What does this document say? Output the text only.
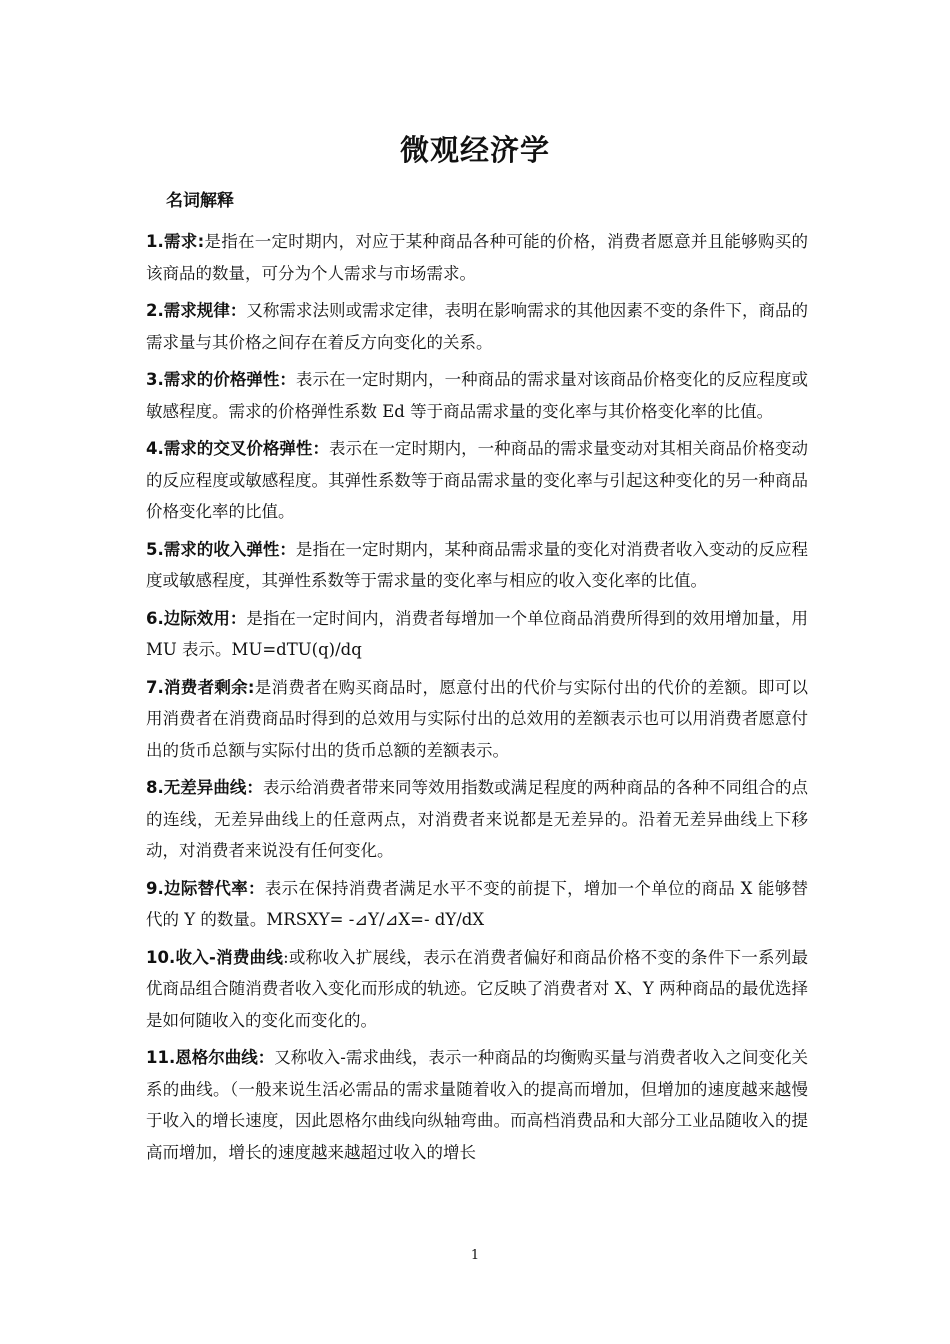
微观经济学
名词解释

1.需求:是指在一定时期内，对应于某种商品各种可能的价格，消费者愿意并且能够购买的该商品的数量，可分为个人需求与市场需求。

2.需求规律：又称需求法则或需求定律，表明在影响需求的其他因素不变的条件下，商品的需求量与其价格之间存在着反方向变化的关系。

3.需求的价格弹性：表示在一定时期内，一种商品的需求量对该商品价格变化的反应程度或敏感程度。需求的价格弹性系数 Ed 等于商品需求量的变化率与其价格变化率的比值。

4.需求的交叉价格弹性：表示在一定时期内，一种商品的需求量变动对其相关商品价格变动的反应程度或敏感程度。其弹性系数等于商品需求量的变化率与引起这种变化的另一种商品价格变化率的比值。

5.需求的收入弹性：是指在一定时期内，某种商品需求量的变化对消费者收入变动的反应程度或敏感程度，其弹性系数等于需求量的变化率与相应的收入变化率的比值。

6.边际效用：是指在一定时间内，消费者每增加一个单位商品消费所得到的效用增加量，用 MU 表示。MU=dTU(q)/dq

7.消费者剩余:是消费者在购买商品时，愿意付出的代价与实际付出的代价的差额。即可以用消费者在消费商品时得到的总效用与实际付出的总效用的差额表示也可以用消费者愿意付出的货币总额与实际付出的货币总额的差额表示。

8.无差异曲线：表示给消费者带来同等效用指数或满足程度的两种商品的各种不同组合的点的连线，无差异曲线上的任意两点，对消费者来说都是无差异的。沿着无差异曲线上下移动，对消费者来说没有任何变化。

9.边际替代率：表示在保持消费者满足水平不变的前提下，增加一个单位的商品 X 能够替代的 Y 的数量。MRSXY= -⊿Y/⊿X=- dY/dX

10.收入-消费曲线:或称收入扩展线，表示在消费者偏好和商品价格不变的条件下一系列最优商品组合随消费者收入变化而形成的轨迹。它反映了消费者对 X、Y 两种商品的最优选择是如何随收入的变化而变化的。

11.恩格尔曲线：又称收入-需求曲线，表示一种商品的均衡购买量与消费者收入之间变化关系的曲线。（一般来说生活必需品的需求量随着收入的提高而增加，但增加的速度越来越慢于收入的增长速度，因此恩格尔曲线向纵轴弯曲。而高档消费品和大部分工业品随收入的提高而增加，增长的速度越来越超过收入的增长

1
